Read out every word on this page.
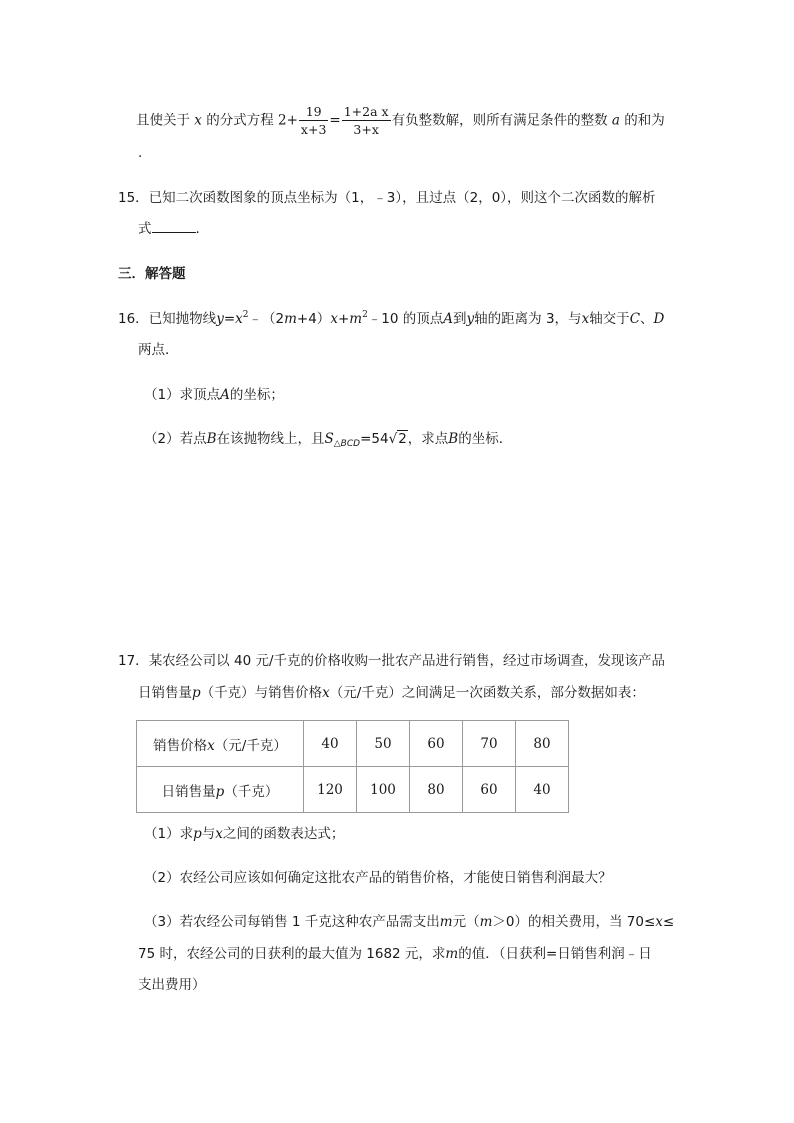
且使关于 x 的分式方程 $2+ \frac{19}{x+3} = \frac{\text{1+2a x}}{3+x}$ 有负整数解，则所有满足条件的整数 a 的和为
.
15．已知二次函数图象的顶点坐标为（1，﹣3），且过点（2，0），则这个二次函数的解析
式	.
三．解答题
16．已知抛物线$y=x^2﹣(2m+4)x+m^2﹣10$ 的顶点A到y轴的距离为 3，与x轴交于C、D
两点．
（1）求顶点A的坐标；
（2）若点B在该抛物线上，且$S_{\triangle BCD}=54√2$，求点B的坐标．
17．某农经公司以 40 元/千克的价格收购一批农产品进行销售，经过市场调查，发现该产品
日销售量p（千克）与销售价格x（元/千克）之间满足一次函数关系，部分数据如表：
销售价格x（元/千克）	40	50	60	70	80
日销售量p（千克）	120	100	80	60	40
（1）求p与x之间的函数表达式；
（2）农经公司应该如何确定这批农产品的销售价格，才能使日销售利润最大？
（3）若农经公司每销售 1 千克这种农产品需支出m元（m＞0）的相关费用，当 70≤x≤
75 时，农经公司的日获利的最大值为 1682 元，求m的值．（日获利=日销售利润﹣日
支出费用）
